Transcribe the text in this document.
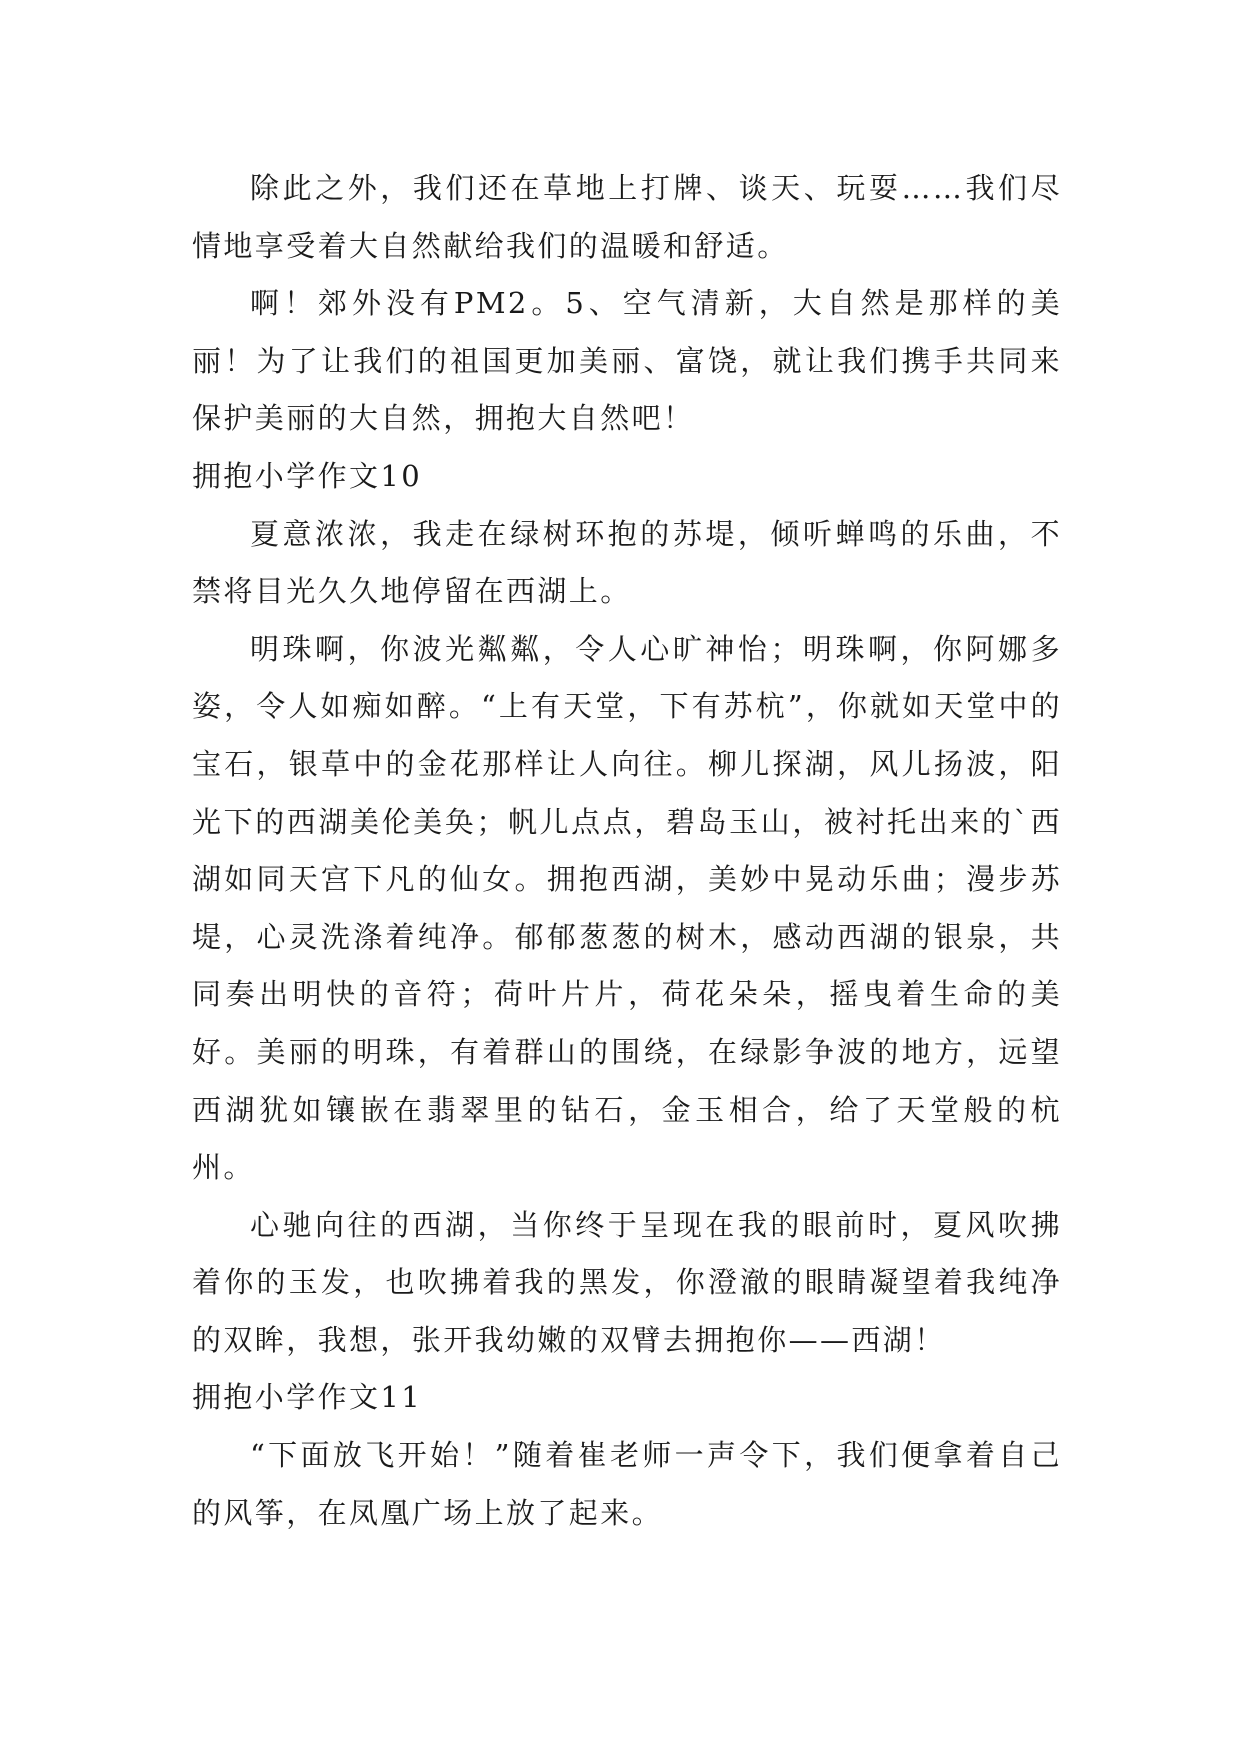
除此之外，我们还在草地上打牌、谈天、玩耍……我们尽情地享受着大自然献给我们的温暖和舒适。

啊！郊外没有PM2。5、空气清新，大自然是那样的美丽！为了让我们的祖国更加美丽、富饶，就让我们携手共同来保护美丽的大自然，拥抱大自然吧！

拥抱小学作文10

夏意浓浓，我走在绿树环抱的苏堤，倾听蝉鸣的乐曲，不禁将目光久久地停留在西湖上。

明珠啊，你波光粼粼，令人心旷神怡；明珠啊，你阿娜多姿，令人如痴如醉。“上有天堂，下有苏杭”，你就如天堂中的宝石，银草中的金花那样让人向往。柳儿探湖，风儿扬波，阳光下的西湖美伦美奂；帆儿点点，碧岛玉山，被衬托出来的`西湖如同天宫下凡的仙女。拥抱西湖，美妙中晃动乐曲；漫步苏堤，心灵洗涤着纯净。郁郁葱葱的树木，感动西湖的银泉，共同奏出明快的音符；荷叶片片，荷花朵朵，摇曳着生命的美好。美丽的明珠，有着群山的围绕，在绿影争波的地方，远望西湖犹如镶嵌在翡翠里的钻石，金玉相合，给了天堂般的杭州。

心驰向往的西湖，当你终于呈现在我的眼前时，夏风吹拂着你的玉发，也吹拂着我的黑发，你澄澈的眼睛凝望着我纯净的双眸，我想，张开我幼嫩的双臂去拥抱你——西湖！

拥抱小学作文11

“下面放飞开始！”随着崔老师一声令下，我们便拿着自己的风筝，在凤凰广场上放了起来。
